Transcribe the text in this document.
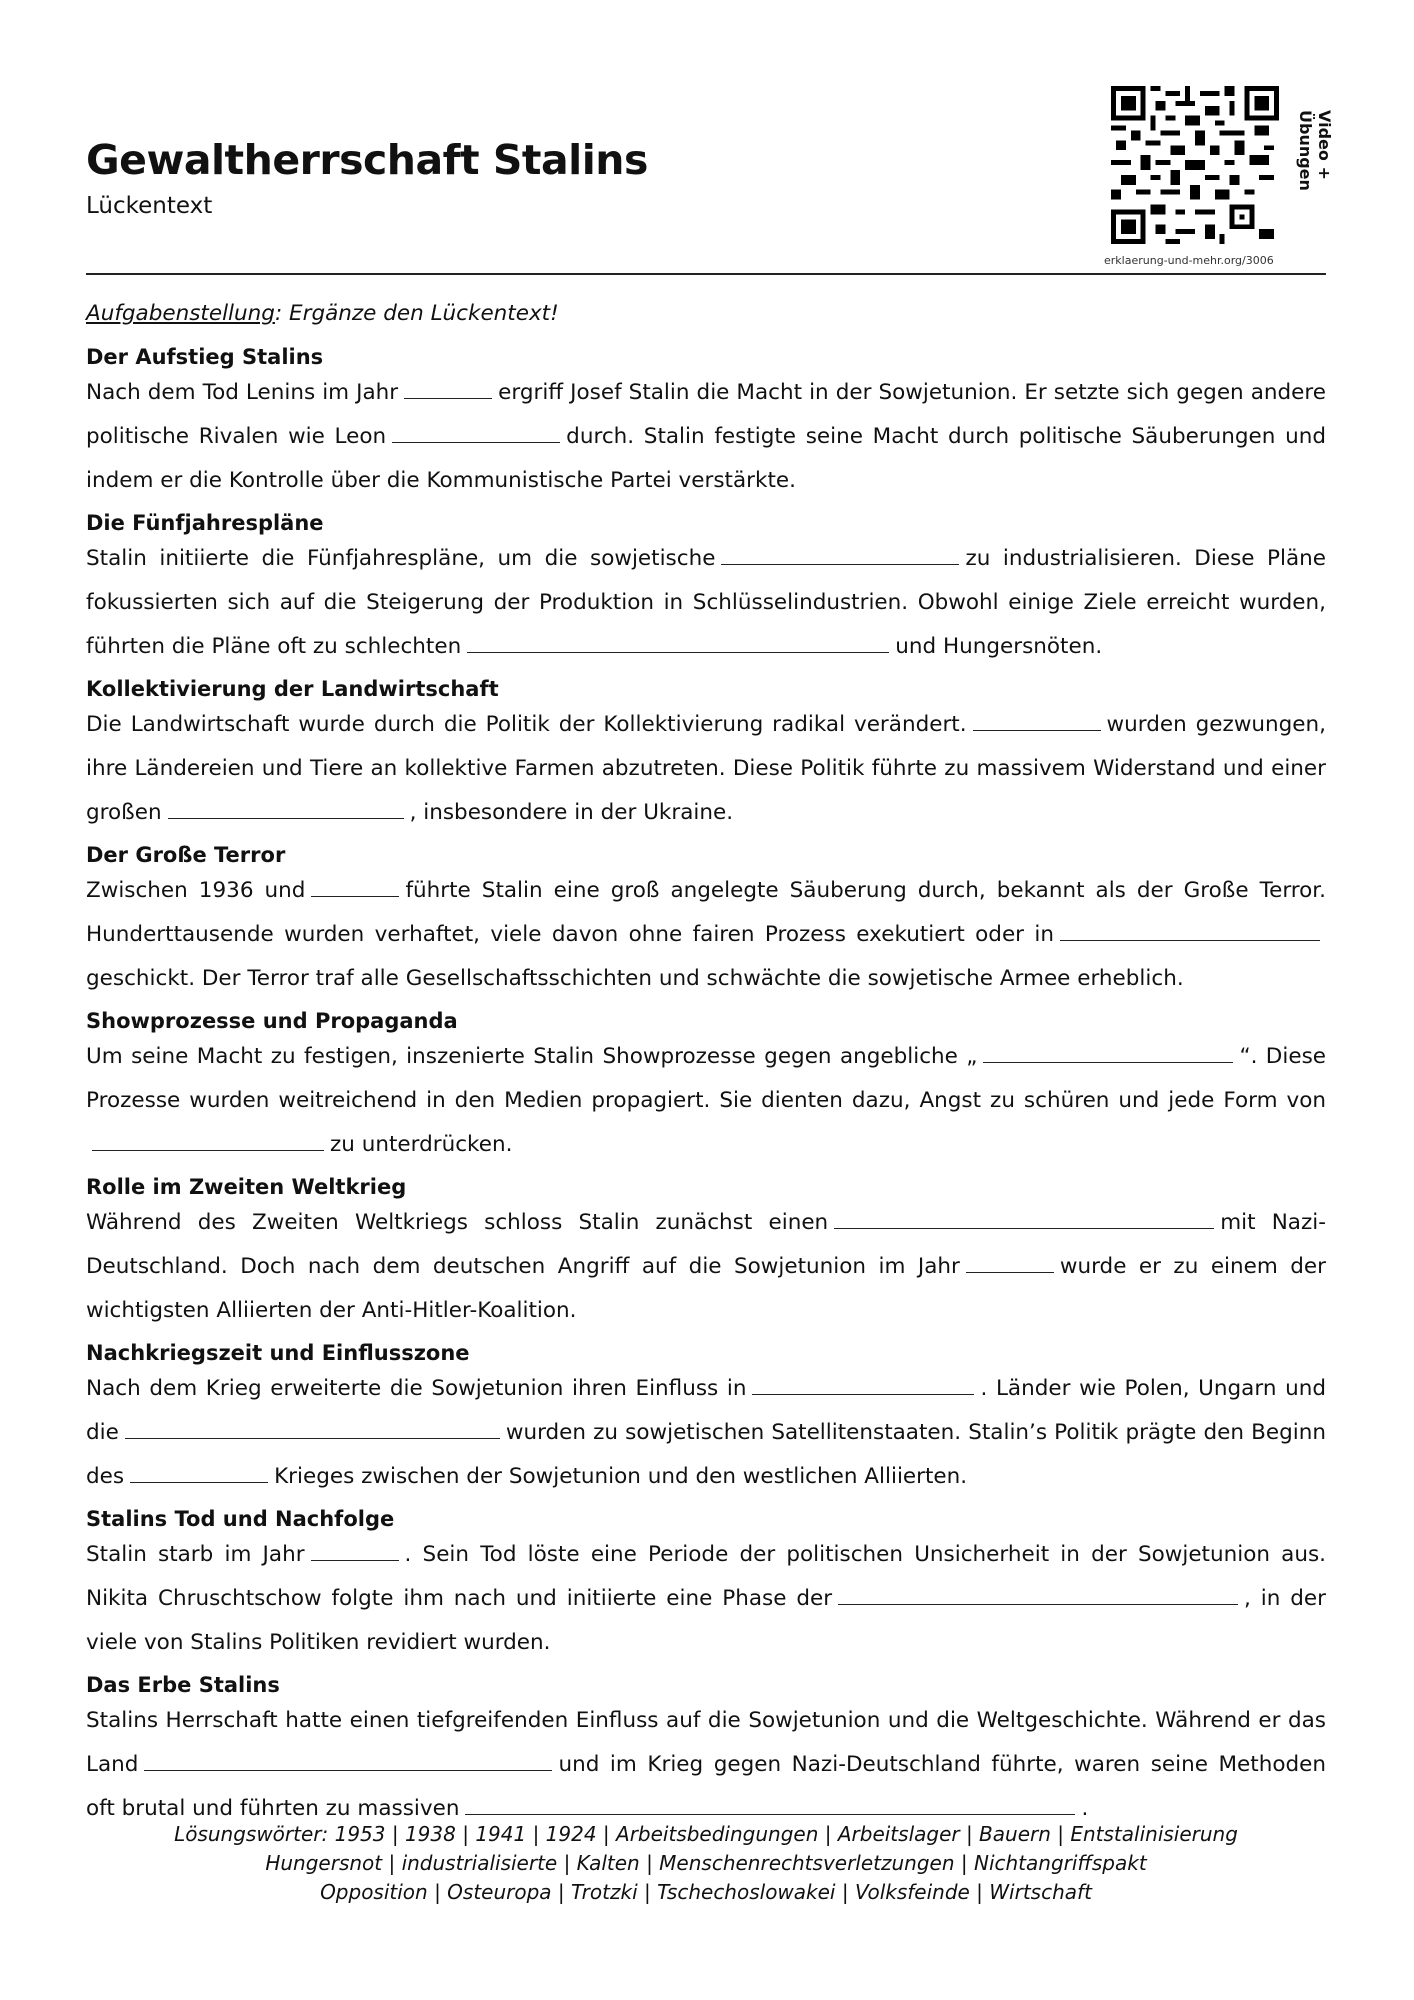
Gewaltherrschaft Stalins
Lückentext
Video + Übungen
erklaerung-und-mehr.org/3006
Aufgabenstellung: Ergänze den Lückentext!
Der Aufstieg Stalins

Nach dem Tod Lenins im Jahr	ergriff Josef Stalin die Macht in der Sowjetunion. Er setzte sich gegen andere politische Rivalen wie Leon	durch. Stalin festigte seine Macht durch politische Säuberungen und indem er die Kontrolle über die Kommunistische Partei verstärkte.

Die Fünfjahrespläne

Stalin initiierte die Fünfjahrespläne, um die sowjetische	zu industrialisieren. Diese Pläne fokussierten sich auf die Steigerung der Produktion in Schlüsselindustrien. Obwohl einige Ziele erreicht wurden, führten die Pläne oft zu schlechten	und Hungersnöten.

Kollektivierung der Landwirtschaft

Die Landwirtschaft wurde durch die Politik der Kollektivierung radikal verändert.	wurden gezwungen, ihre Ländereien und Tiere an kollektive Farmen abzutreten. Diese Politik führte zu massivem Widerstand und einer großen	, insbesondere in der Ukraine.

Der Große Terror

Zwischen 1936 und	führte Stalin eine groß angelegte Säuberung durch, bekannt als der Große Terror. Hunderttausende wurden verhaftet, viele davon ohne fairen Prozess exekutiert oder ingeschickt. Der Terror traf alle Gesellschaftsschichten und schwächte die sowjetische Armee erheblich.

Showprozesse und Propaganda

Um seine Macht zu festigen, inszenierte Stalin Showprozesse gegen angebliche „	“. Diese Prozesse wurden weitreichend in den Medien propagiert. Sie dienten dazu, Angst zu schüren und jede Form vonzu unterdrücken.

Rolle im Zweiten Weltkrieg

Während des Zweiten Weltkriegs schloss Stalin zunächst einen	mit Nazi-Deutschland. Doch nach dem deutschen Angriff auf die Sowjetunion im Jahr	wurde er zu einem der wichtigsten Alliierten der Anti-Hitler-Koalition.

Nachkriegszeit und Einflusszone

Nach dem Krieg erweiterte die Sowjetunion ihren Einfluss in	. Länder wie Polen, Ungarn und die	wurden zu sowjetischen Satellitenstaaten. Stalin’s Politik prägte den Beginn des	Krieges zwischen der Sowjetunion und den westlichen Alliierten.

Stalins Tod und Nachfolge

Stalin starb im Jahr	. Sein Tod löste eine Periode der politischen Unsicherheit in der Sowjetunion aus. Nikita Chruschtschow folgte ihm nach und initiierte eine Phase der	, in der viele von Stalins Politiken revidiert wurden.

Das Erbe Stalins

Stalins Herrschaft hatte einen tiefgreifenden Einfluss auf die Sowjetunion und die Weltgeschichte. Während er das Land	und im Krieg gegen Nazi-Deutschland führte, waren seine Methoden oft brutal und führten zu massiven	.

Lösungswörter: 1953 | 1938 | 1941 | 1924 | Arbeitsbedingungen | Arbeitslager | Bauern | Entstalinisierung
Hungersnot | industrialisierte | Kalten | Menschenrechtsverletzungen | Nichtangriffspakt
Opposition | Osteuropa | Trotzki | Tschechoslowakei | Volksfeinde | Wirtschaft
